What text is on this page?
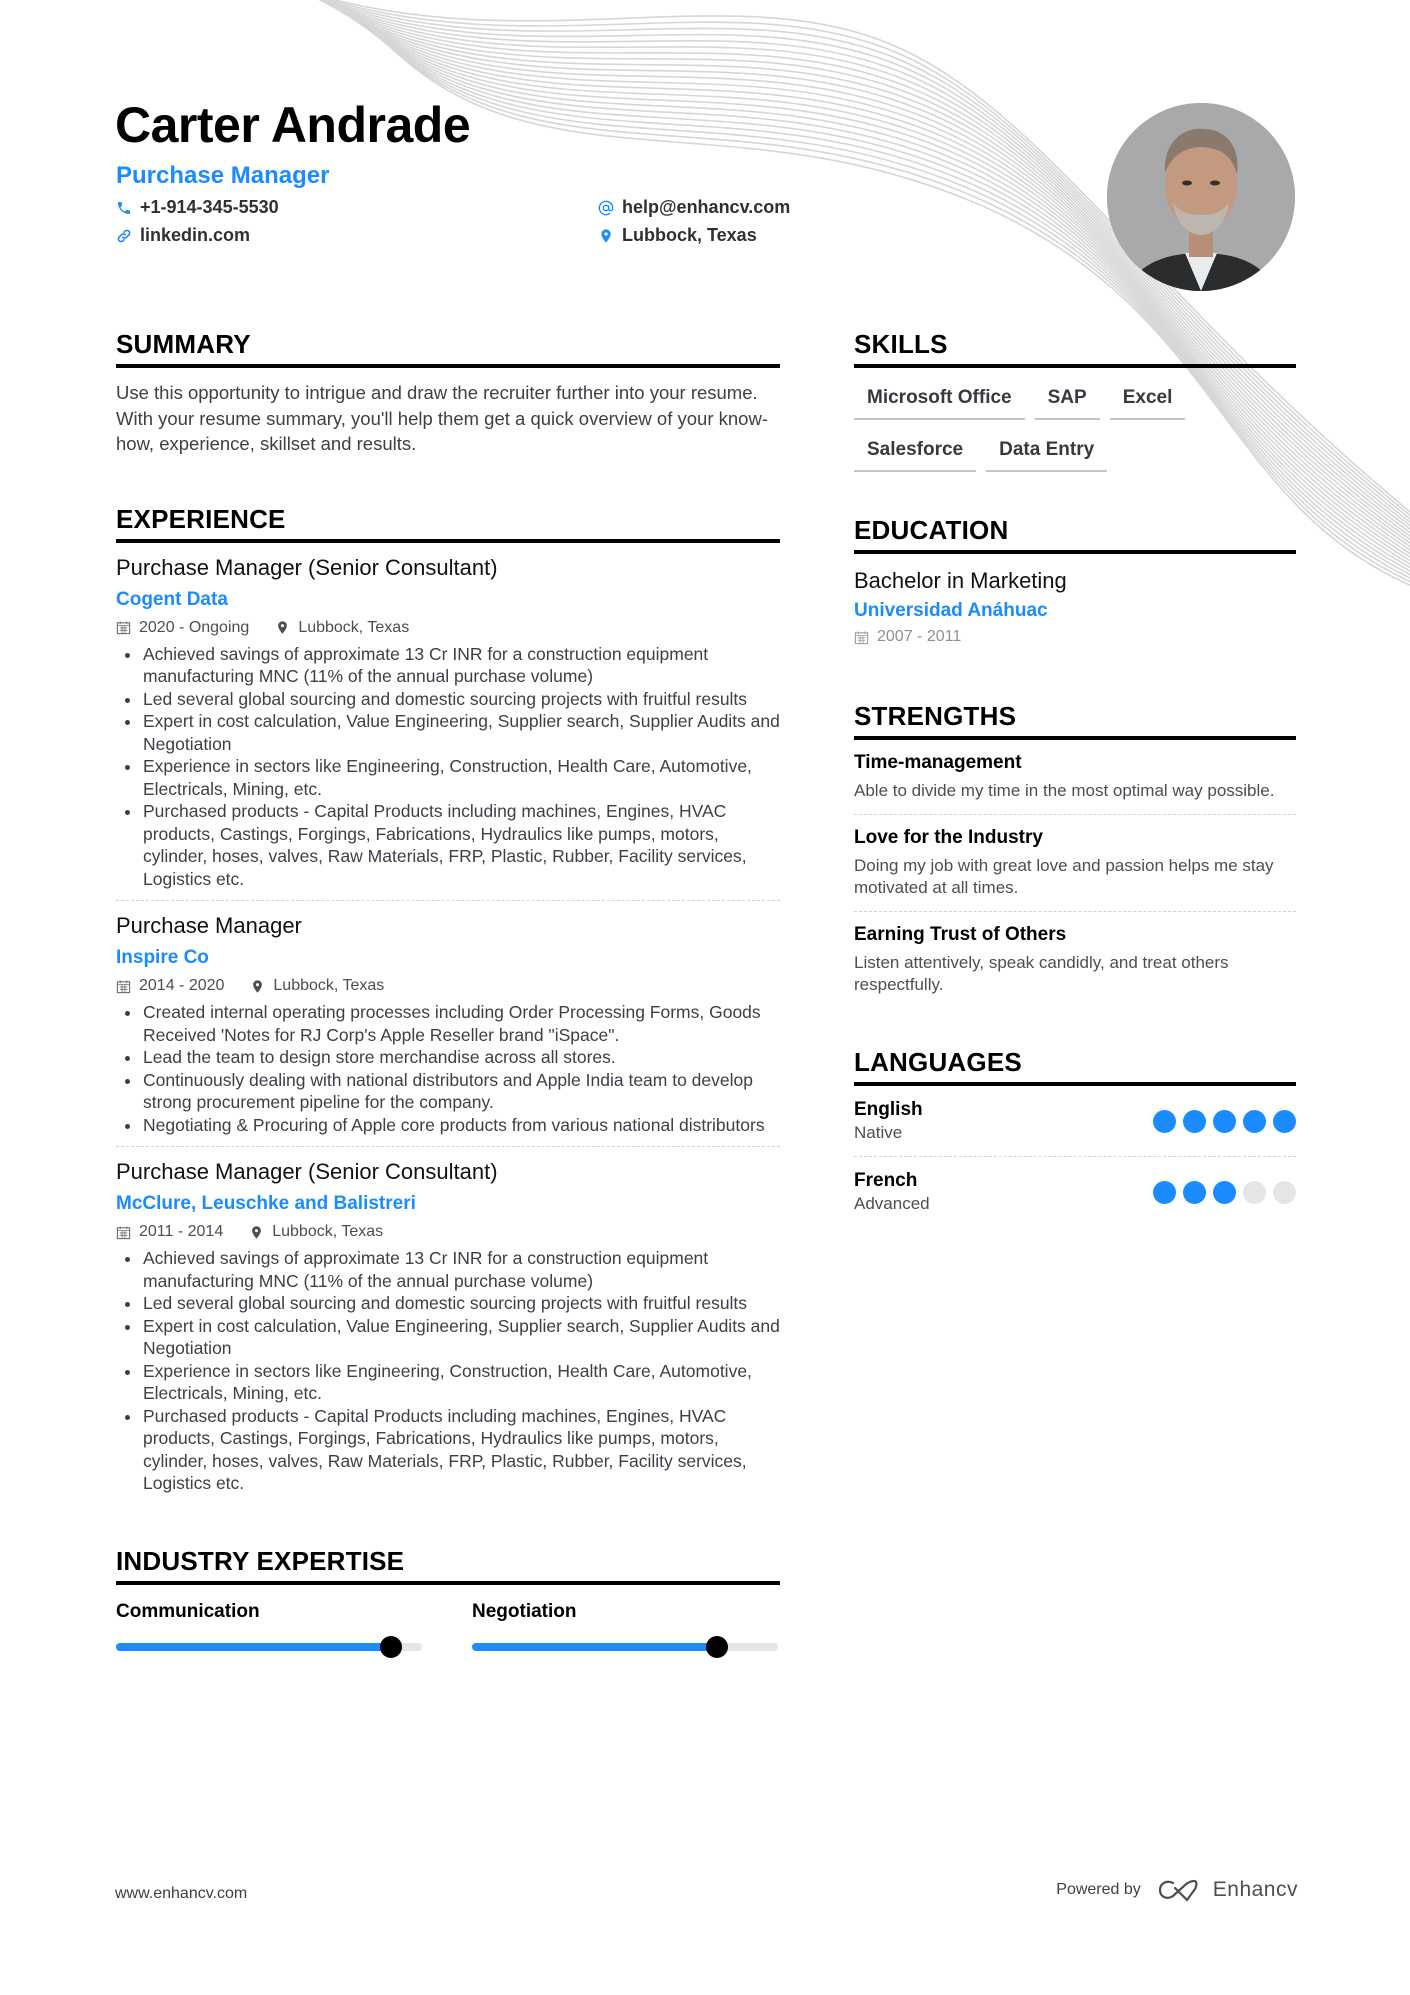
Carter Andrade
Purchase Manager
+1-914-345-5530
linkedin.com
help@enhancv.com
Lubbock, Texas
SUMMARY

Use this opportunity to intrigue and draw the recruiter further into your resume. With your resume summary, you'll help them get a quick overview of your know-how, experience, skillset and results.

EXPERIENCE
Purchase Manager (Senior Consultant)
Cogent Data
2020 - Ongoing	Lubbock, Texas
Achieved savings of approximate 13 Cr INR for a construction equipment manufacturing MNC (11% of the annual purchase volume)
Led several global sourcing and domestic sourcing projects with fruitful results
Expert in cost calculation, Value Engineering, Supplier search, Supplier Audits and Negotiation
Experience in sectors like Engineering, Construction, Health Care, Automotive, Electricals, Mining, etc.
Purchased products - Capital Products including machines, Engines, HVAC products, Castings, Forgings, Fabrications, Hydraulics like pumps, motors, cylinder, hoses, valves, Raw Materials, FRP, Plastic, Rubber, Facility services, Logistics etc.
Purchase Manager
Inspire Co
2014 - 2020	Lubbock, Texas
Created internal operating processes including Order Processing Forms, Goods Received 'Notes for RJ Corp's Apple Reseller brand "iSpace".
Lead the team to design store merchandise across all stores.
Continuously dealing with national distributors and Apple India team to develop strong procurement pipeline for the company.
Negotiating & Procuring of Apple core products from various national distributors
Purchase Manager (Senior Consultant)
McClure, Leuschke and Balistreri
2011 - 2014	Lubbock, Texas
Achieved savings of approximate 13 Cr INR for a construction equipment manufacturing MNC (11% of the annual purchase volume)
Led several global sourcing and domestic sourcing projects with fruitful results
Expert in cost calculation, Value Engineering, Supplier search, Supplier Audits and Negotiation
Experience in sectors like Engineering, Construction, Health Care, Automotive, Electricals, Mining, etc.
Purchased products - Capital Products including machines, Engines, HVAC products, Castings, Forgings, Fabrications, Hydraulics like pumps, motors, cylinder, hoses, valves, Raw Materials, FRP, Plastic, Rubber, Facility services, Logistics etc.
INDUSTRY EXPERTISE
Communication	Negotiation
SKILLS
Microsoft Office	SAP	Excel
Salesforce	Data Entry
EDUCATION
Bachelor in Marketing
Universidad Anáhuac
2007 - 2011
STRENGTHS
Time-management
Able to divide my time in the most optimal way possible.
Love for the Industry
Doing my job with great love and passion helps me stay motivated at all times.
Earning Trust of Others
Listen attentively, speak candidly, and treat others respectfully.
LANGUAGES
English
Native
French
Advanced
www.enhancv.com	Powered by	Enhancv
